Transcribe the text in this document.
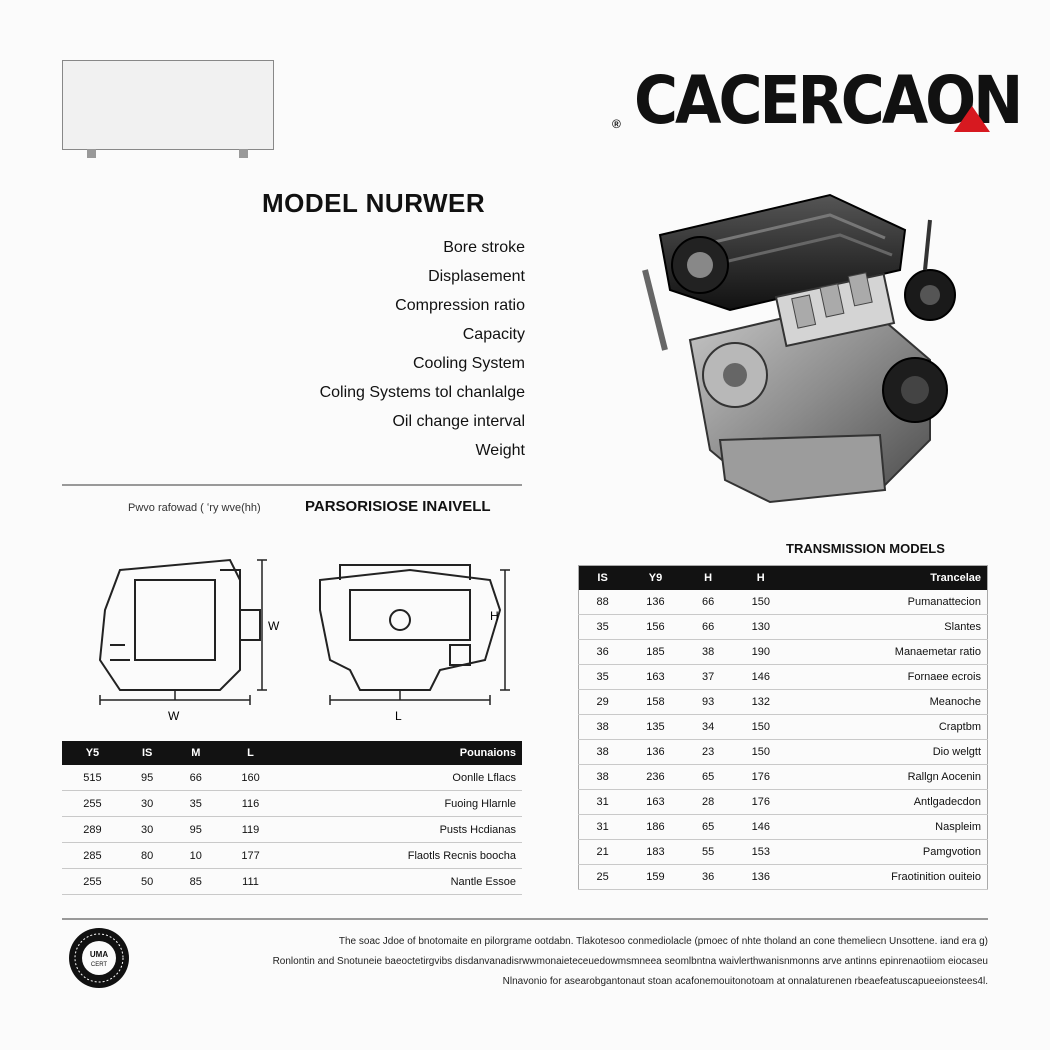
® CACERCAON
MODEL NURWER
Bore stroke
Displasement
Compression ratio
Capacity
Cooling System
Coling Systems tol chanlalge
Oil change interval
Weight
PARSORISIOSE INAIVELL
Pwvo rafowad ( ʻry wve(hh)
W
W
L
H
Y5	IS	M	L	Pounaions
515	95	66	160	Oonlle Lflacs
255	30	35	116	Fuoing Hlarnle
289	30	95	119	Pusts Hcdianas
285	80	10	177	Flaotls Recnis boocha
255	50	85	111	Nantle Essoe
TRANSMISSION MODELS
IS	Y9	H	H	Trancelae
88	136	66	150	Pumanattecion
35	156	66	130	Slantes
36	185	38	190	Manaemetar ratio
35	163	37	146	Fornaee ecrois
29	158	93	132	Meanoche
38	135	34	150	Craptbm
38	136	23	150	Dio welgtt
38	236	65	176	Rallgn Aocenin
31	163	28	176	Antlgadecdon
31	186	65	146	Naspleim
21	183	55	153	Pamgvotion
25	159	36	136	Fraotinition ouiteio
UMA
CERT

The soac Jdoe of bnotomaite en pilorgrame ootdabn. Tlakotesoo conmediolacle (pmoec of nhte tholand an cone themeliecn Unsottene. iand era g)

Ronlontin and Snotuneie baeoctetirgvibs disdanvanadisrwwmonaieteceuedowmsmneea seomlbntna waivlerthwanisnmonns arve antinns epinrenaotiiom eiocaseu

Nlnavonio for asearobgantonaut stoan acafonemouitonotoam at onnalaturenen rbeaefeatuscapueeionstees4l.
